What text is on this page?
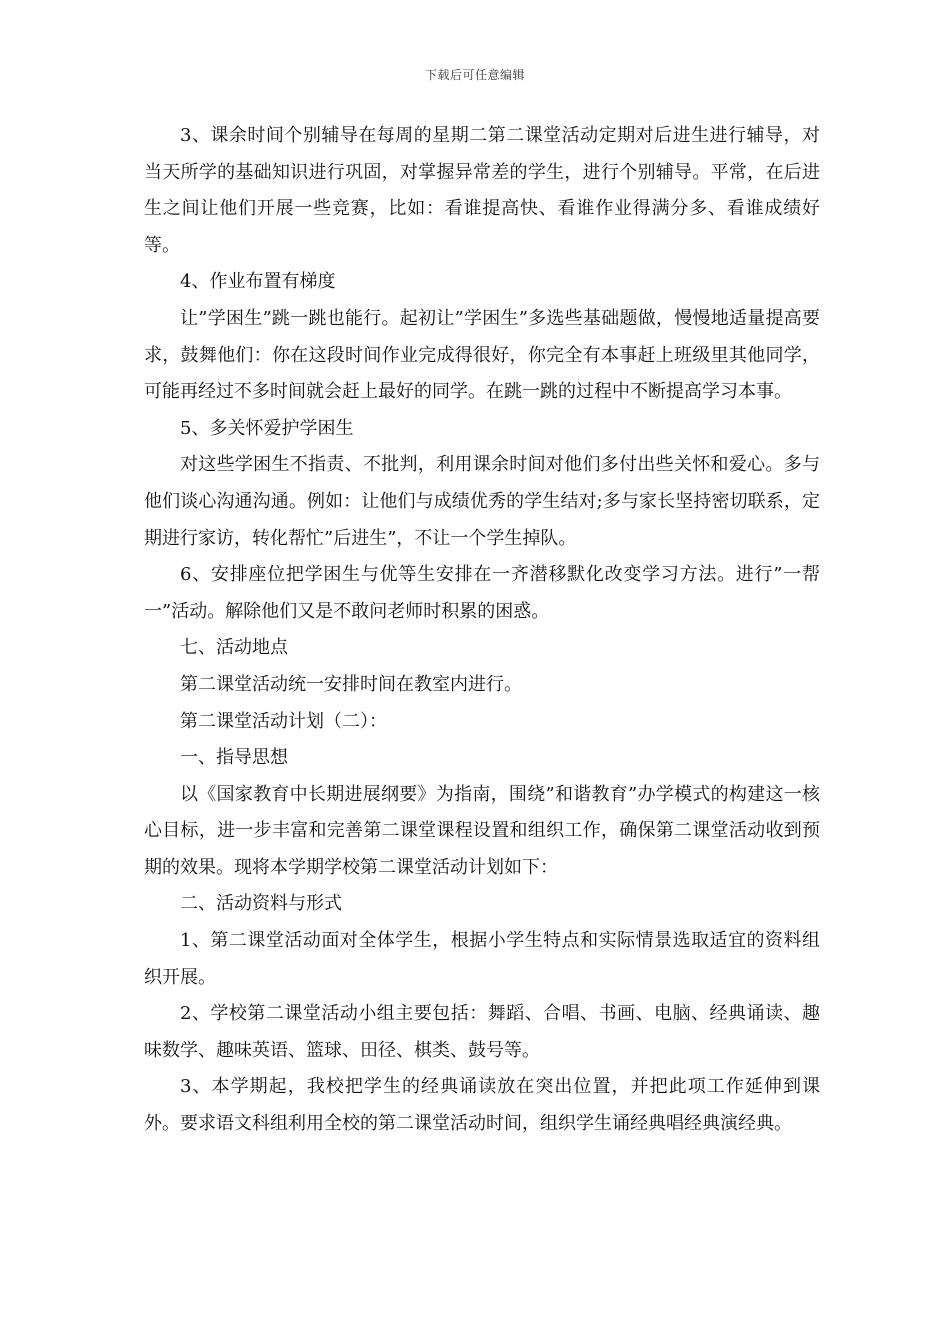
下载后可任意编辑

3、课余时间个别辅导在每周的星期二第二课堂活动定期对后进生进行辅导，对当天所学的基础知识进行巩固，对掌握异常差的学生，进行个别辅导。平常，在后进生之间让他们开展一些竞赛，比如：看谁提高快、看谁作业得满分多、看谁成绩好等。

4、作业布置有梯度

让”学困生”跳一跳也能行。起初让”学困生”多选些基础题做，慢慢地适量提高要求，鼓舞他们：你在这段时间作业完成得很好，你完全有本事赶上班级里其他同学，可能再经过不多时间就会赶上最好的同学。在跳一跳的过程中不断提高学习本事。

5、多关怀爱护学困生

对这些学困生不指责、不批判，利用课余时间对他们多付出些关怀和爱心。多与他们谈心沟通沟通。例如：让他们与成绩优秀的学生结对;多与家长坚持密切联系，定期进行家访，转化帮忙”后进生”，不让一个学生掉队。

6、安排座位把学困生与优等生安排在一齐潜移默化改变学习方法。进行”一帮一”活动。解除他们又是不敢问老师时积累的困惑。

七、活动地点

第二课堂活动统一安排时间在教室内进行。

第二课堂活动计划（二）：

一、指导思想

以《国家教育中长期进展纲要》为指南，围绕”和谐教育”办学模式的构建这一核心目标，进一步丰富和完善第二课堂课程设置和组织工作，确保第二课堂活动收到预期的效果。现将本学期学校第二课堂活动计划如下：

二、活动资料与形式

1、第二课堂活动面对全体学生，根据小学生特点和实际情景选取适宜的资料组织开展。

2、学校第二课堂活动小组主要包括：舞蹈、合唱、书画、电脑、经典诵读、趣味数学、趣味英语、篮球、田径、棋类、鼓号等。

3、本学期起，我校把学生的经典诵读放在突出位置，并把此项工作延伸到课外。要求语文科组利用全校的第二课堂活动时间，组织学生诵经典唱经典演经典。
